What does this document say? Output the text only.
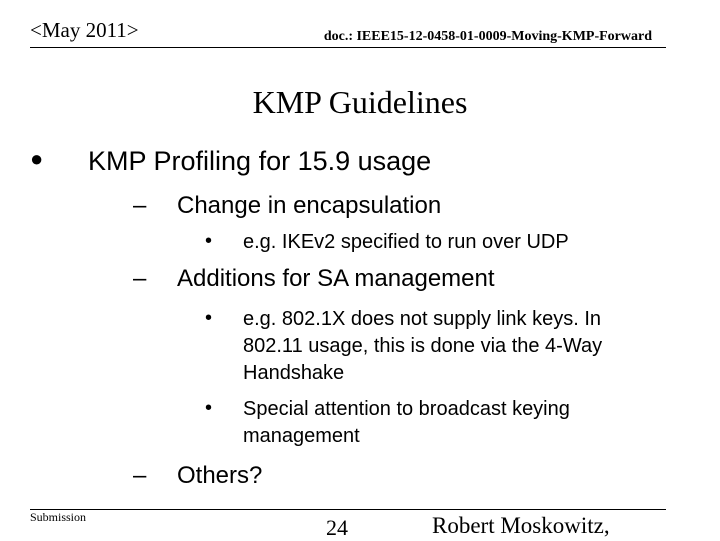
<May 2011>	doc.: IEEE15-12-0458-01-0009-Moving-KMP-Forward
KMP Guidelines
● KMP Profiling for 15.9 usage
– Change in encapsulation
• e.g. IKEv2 specified to run over UDP
– Additions for SA management
• e.g. 802.1X does not supply link keys. In 802.11 usage, this is done via the 4-Way Handshake
• Special attention to broadcast keying management
– Others?
Submission	24	Robert Moskowitz,
